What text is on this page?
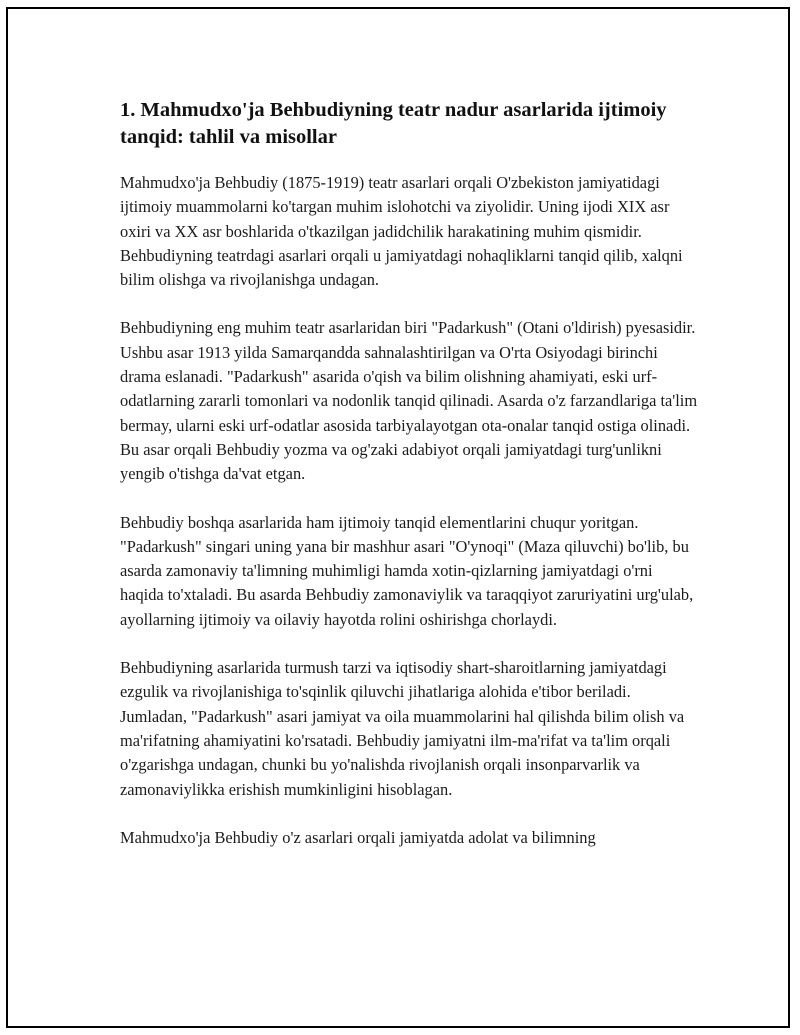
1. Mahmudxo'ja Behbudiyning teatr nadur asarlarida ijtimoiy tanqid: tahlil va misollar

Mahmudxo'ja Behbudiy (1875-1919) teatr asarlari orqali O'zbekiston jamiyatidagi ijtimoiy muammolarni ko'targan muhim islohotchi va ziyolidir. Uning ijodi XIX asr oxiri va XX asr boshlarida o'tkazilgan jadidchilik harakatining muhim qismidir. Behbudiyning teatrdagi asarlari orqali u jamiyatdagi nohaqliklarni tanqid qilib, xalqni bilim olishga va rivojlanishga undagan.

Behbudiyning eng muhim teatr asarlaridan biri "Padarkush" (Otani o'ldirish) pyesasidir. Ushbu asar 1913 yilda Samarqandda sahnalashtirilgan va O'rta Osiyodagi birinchi drama eslanadi. "Padarkush" asarida o'qish va bilim olishning ahamiyati, eski urf-odatlarning zararli tomonlari va nodonlik tanqid qilinadi. Asarda o'z farzandlariga ta'lim bermay, ularni eski urf-odatlar asosida tarbiyalayotgan ota-onalar tanqid ostiga olinadi. Bu asar orqali Behbudiy yozma va og'zaki adabiyot orqali jamiyatdagi turg'unlikni yengib o'tishga da'vat etgan.

Behbudiy boshqa asarlarida ham ijtimoiy tanqid elementlarini chuqur yoritgan. "Padarkush" singari uning yana bir mashhur asari "O'ynoqi" (Maza qiluvchi) bo'lib, bu asarda zamonaviy ta'limning muhimligi hamda xotin-qizlarning jamiyatdagi o'rni haqida to'xtaladi. Bu asarda Behbudiy zamonaviylik va taraqqiyot zaruriyatini urg'ulab, ayollarning ijtimoiy va oilaviy hayotda rolini oshirishga chorlaydi.

Behbudiyning asarlarida turmush tarzi va iqtisodiy shart-sharoitlarning jamiyatdagi ezgulik va rivojlanishiga to'sqinlik qiluvchi jihatlariga alohida e'tibor beriladi. Jumladan, "Padarkush" asari jamiyat va oila muammolarini hal qilishda bilim olish va ma'rifatning ahamiyatini ko'rsatadi. Behbudiy jamiyatni ilm-ma'rifat va ta'lim orqali o'zgarishga undagan, chunki bu yo'nalishda rivojlanish orqali insonparvarlik va zamonaviylikka erishish mumkinligini hisoblagan.

Mahmudxo'ja Behbudiy o'z asarlari orqali jamiyatda adolat va bilimning
